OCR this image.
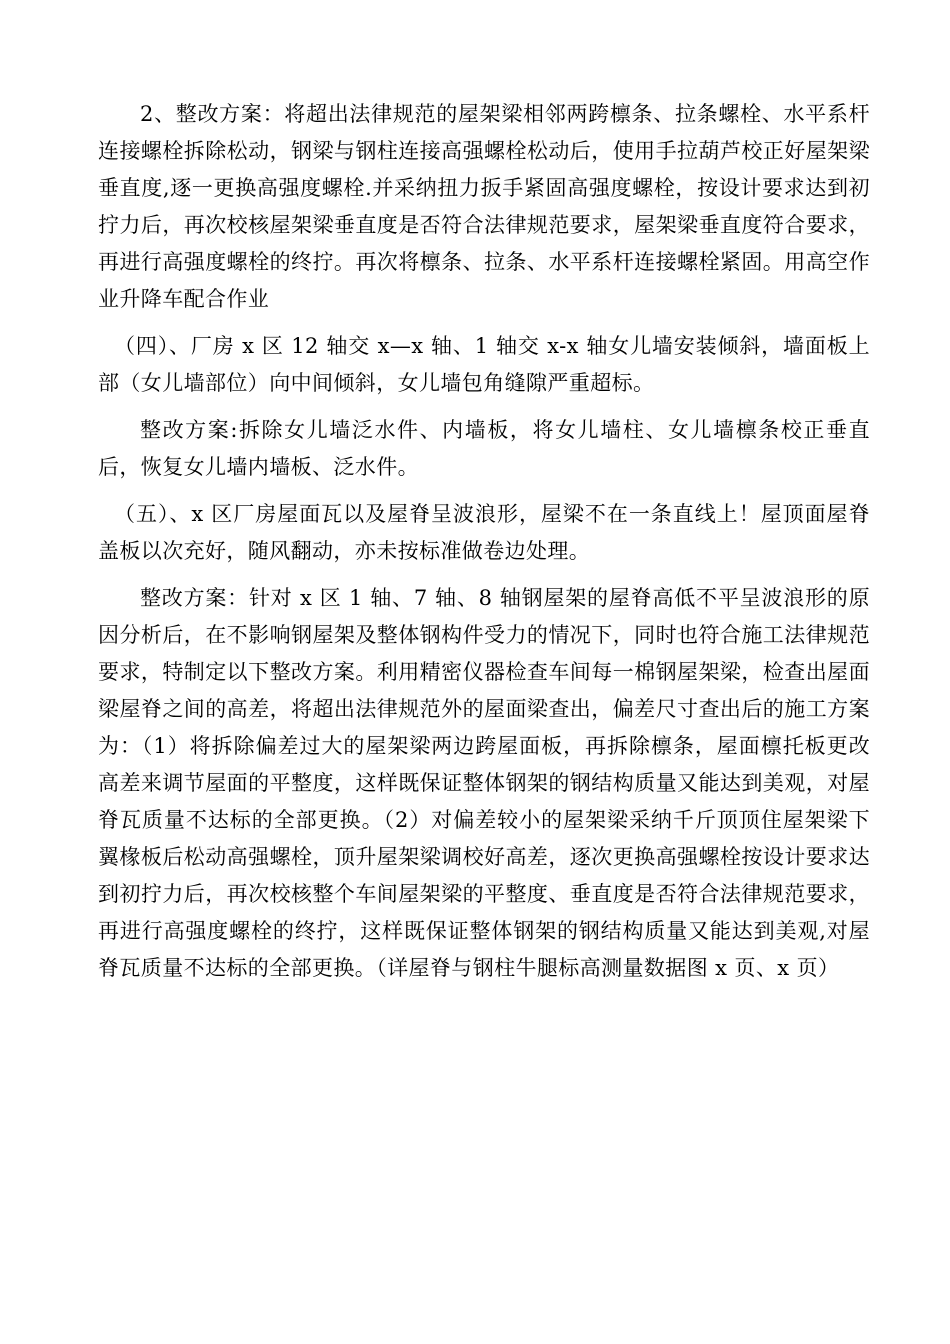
2、整改方案：将超出法律规范的屋架梁相邻两跨檩条、拉条螺栓、水平系杆连接螺栓拆除松动，钢梁与钢柱连接高强螺栓松动后，使用手拉葫芦校正好屋架梁垂直度,逐一更换高强度螺栓.并采纳扭力扳手紧固高强度螺栓，按设计要求达到初拧力后，再次校核屋架梁垂直度是否符合法律规范要求，屋架梁垂直度符合要求，再进行高强度螺栓的终拧。再次将檩条、拉条、水平系杆连接螺栓紧固。用高空作业升降车配合作业

（四）、厂房 x 区 12 轴交 x—x 轴、1 轴交 x-x 轴女儿墙安装倾斜，墙面板上部（女儿墙部位）向中间倾斜，女儿墙包角缝隙严重超标。

整改方案:拆除女儿墙泛水件、内墙板，将女儿墙柱、女儿墙檩条校正垂直后，恢复女儿墙内墙板、泛水件。

（五）、x 区厂房屋面瓦以及屋脊呈波浪形，屋梁不在一条直线上！屋顶面屋脊盖板以次充好，随风翻动，亦未按标准做卷边处理。

整改方案：针对 x 区 1 轴、7 轴、8 轴钢屋架的屋脊高低不平呈波浪形的原因分析后，在不影响钢屋架及整体钢构件受力的情况下，同时也符合施工法律规范要求，特制定以下整改方案。利用精密仪器检查车间每一棉钢屋架梁，检查出屋面梁屋脊之间的高差，将超出法律规范外的屋面梁查出，偏差尺寸查出后的施工方案为：（1）将拆除偏差过大的屋架梁两边跨屋面板，再拆除檩条，屋面檩托板更改高差来调节屋面的平整度，这样既保证整体钢架的钢结构质量又能达到美观，对屋脊瓦质量不达标的全部更换。（2）对偏差较小的屋架梁采纳千斤顶顶住屋架梁下翼椽板后松动高强螺栓，顶升屋架梁调校好高差，逐次更换高强螺栓按设计要求达到初拧力后，再次校核整个车间屋架梁的平整度、垂直度是否符合法律规范要求，再进行高强度螺栓的终拧，这样既保证整体钢架的钢结构质量又能达到美观,对屋脊瓦质量不达标的全部更换。（详屋脊与钢柱牛腿标高测量数据图 x 页、x 页）
